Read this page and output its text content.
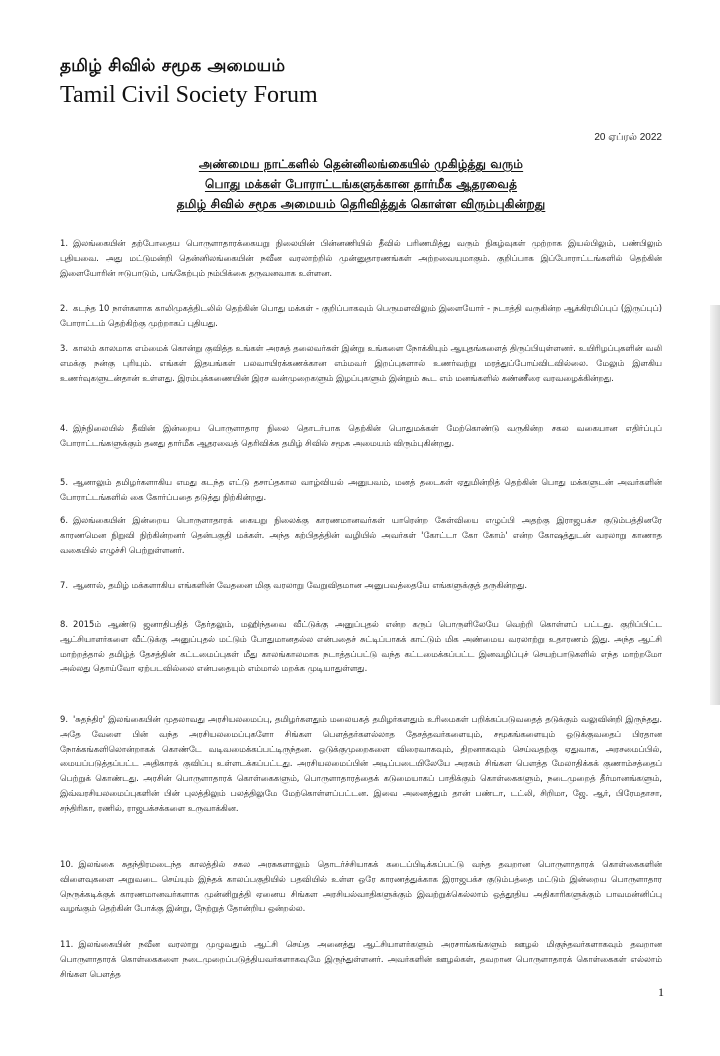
தமிழ் சிவில் சமூக அமையம்
Tamil Civil Society Forum
20 ஏப்ரல் 2022
அண்மைய நாட்களில் தென்னிலங்கையில் முகிழ்த்து வரும்
பொது மக்கள் போராட்டங்களுக்கான தார்மீக ஆதரவைத்
தமிழ் சிவில் சமூக அமையம் தெரிவித்துக் கொள்ள விரும்புகின்றது

1. இலங்கையின் தற்போதைய பொருளாதாரக்கையறு நிலையின் பின்னணியில் தீவில் பரிணமித்து வரும் நிகழ்வுகள் முற்றாக இயல்பிலும், பண்பிலும் புதியவை. அது மட்டுமன்றி தென்னிலங்கையின் நவீன வரலாற்றில் முன்னுதாரணங்கள் அற்றவையுமாகும். குறிப்பாக இப்போராட்டங்களில் தெற்கின் இளையோரின் ஈடுபாடும், பங்கேற்பும் நம்பிக்கை தருவனவாக உள்ளன.

2. கடந்த 10 நாள்களாக காலிமுகத்திடலில் தெற்கின் பொது மக்கள் - குறிப்பாகவும் பெருமளவிலும் இளையோர் - நடாத்தி வருகின்ற ஆக்கிரமிப்புப் (இருப்புப்) போராட்டம் தெற்கிற்கு முற்றாகப் புதியது.

3. காலம் காலமாக எம்மைக் கொன்று குவித்த உங்கள் அரசுத் தலைவர்கள் இன்று உங்களை நோக்கியும் ஆயுதங்களைத் திருப்பியுள்ளனர். உயிரிழப்புகளின் வலி எமக்கு நன்கு புரியும். எங்கள் இதயங்கள் பலவாயிரக்கணக்கான எம்மவர் இறப்புகளால் உணர்வற்று மரத்துப்போய்விடவில்லை. மேலும் இளகிய உணர்வுகளுடன்தான் உள்ளது. இரம்புக்கணையின் இரச வன்முறைகளும் இழப்புகளும் இன்றும் கூட எம் மனங்களில் கண்ணீரை வரவழைக்கின்றது.

4. இந்நிலையில் தீவின் இன்றைய பொருளாதார நிலை தொடர்பாக தெற்கின் பொதுமக்கள் மேற்கொண்டு வருகின்ற சகல வகையான எதிர்ப்புப் போராட்டங்களுக்கும் தனது தார்மீக ஆதரவைத் தெரிவிக்க தமிழ் சிவில் சமூக அமையம் விரும்புகின்றது.

5. ஆனாலும் தமிழர்களாகிய எமது கடந்த எட்டு தசாப்தகால வாழ்வியல் அனுபவம், மனத் தடைகள் ஏதுமின்றித் தெற்கின் பொது மக்களுடன் அவர்களின் போராட்டங்களில் கை கோர்ப்பதை தடுத்து நிற்கின்றது.

6. இலங்கையின் இன்றைய பொருளாதாரக் கையறு நிலைக்கு காரணமானவர்கள் யாரென்ற கேள்வியை எழுப்பி அதற்கு இராஜபக்ச குடும்பத்தினரே காரணமென நிறுவி நிற்கின்றனர் தென்பகுதி மக்கள். அந்த கற்பிதத்தின் வழியில் அவர்கள் 'கோட்டா கோ கோம்' என்ற கோஷத்துடன் வரலாறு காணாத வகையில் எழுச்சி பெற்றுள்ளனர்.

7. ஆனால், தமிழ் மக்களாகிய எங்களின் வேதனை மிகு வரலாறு வேறுவிதமான அனுபவத்தையே எங்களுக்குத் தருகின்றது.

8. 2015ம் ஆண்டு ஜனாதிபதித் தேர்தலும், மஹிந்தவை வீட்டுக்கு அனுப்புதல் என்ற கருப் பொருளிலேயே வெற்றி கொள்ளப் பட்டது. குறிப்பிட்ட ஆட்சியாளர்களை வீட்டுக்கு அனுப்புதல் மட்டும் போதுமானதல்ல என்பதைச் சுட்டிப்பாகக் காட்டும் மிக அண்மைய வரலாற்று உதாரணம் இது. அந்த ஆட்சி மாற்றத்தால் தமிழ்த் தேசத்தின் கட்டமைப்புகள் மீது காலங்காலமாக நடாத்தப்பட்டு வந்த கட்டமைக்கப்பட்ட இனவழிப்புச் செயற்பாடுகளில் எந்த மாற்றமோ அல்லது தொய்வோ ஏற்படவில்லை என்பதையும் எம்மால் மறக்க முடியாதுள்ளது.

9. 'சுதந்திர' இலங்கையின் முதலாவது அரசியலமைப்பு, தமிழர்களதும் மலையகத் தமிழர்களதும் உரிமைகள் பறிக்கப்படுவதைத் தடுக்கும் வலுவின்றி இருந்தது. அதே வேளை பின் வந்த அரசியலமைப்புகளோ சிங்கள பௌத்தர்களல்லாத தேசத்தவர்களையும், சமூகங்களையும் ஒடுக்குவதைப் பிரதான நோக்கங்களிலொன்றாகக் கொண்டே வடிவமைக்கப்பட்டிருந்தன. ஒடுக்குமுறைகளை விரைவாகவும், திறனாகவும் செய்வதற்கு ஏதுவாக, அரசமைப்பில், மையப்படுத்தப்பட்ட அதிகாரக் குவிப்பு உள்ளடக்கப்பட்டது. அரசியலமைப்பின் அடிப்படையிலேயே அரசும் சிங்கள பௌத்த மேலாதிக்கக் குணாம்சத்தைப் பெற்றுக் கொண்டது. அரசின் பொருளாதாரக் கொள்கைகளும், பொருளாதாரத்தைக் கடுமையாகப் பாதிக்கும் கொள்கைகளும், நடைமுறைத் தீர்மானங்களும், இவ்வரசியலமைப்புகளின் பின் புலத்திலும் பலத்திலுமே மேற்கொள்ளப்பட்டன. இவை அனைத்தும் தான் பண்டா, டட்லி, சிறிமா, ஜே. ஆர், பிரேமதாசா, சந்திரிகா, ரணில், ராஜபக்சக்களை உருவாக்கின.

10. இலங்கை சுதந்திரமடைந்த காலத்தில் சகல அரசுகளாலும் தொடர்ச்சியாகக் கடைப்பிடிக்கப்பட்டு வந்த தவறான பொருளாதாரக் கொள்கைகளின் விளைவுகளை அறுவடை செய்யும் இந்தக் காலப்பகுதியில் பதவியில் உள்ள ஒரே காரணத்துக்காக இராஜபக்ச குடும்பத்தை மட்டும் இன்றைய பொருளாதார நெருக்கடிக்குக் காரணமானவர்களாக முன்னிறுத்தி ஏனைய சிங்கள அரசியல்வாதிகளுக்கும் இவற்றுக்கெல்லாம் ஒத்தூதிய அதிகாரிகளுக்கும் பாவமன்னிப்பு வழங்கும் தெற்கின் போக்கு இன்று, நேற்றுத் தோன்றிய ஒன்றல்ல.

11. இலங்கையின் நவீன வரலாறு முழுவதும் ஆட்சி செய்த அனைத்து ஆட்சியாளர்களும் அரசாங்கங்களும் ஊழல் மிகுந்தவர்களாகவும் தவறான பொருளாதாரக் கொள்கைகளை நடைமுறைப்படுத்தியவர்களாகவுமே இருந்துள்ளனர். அவர்களின் ஊழல்கள், தவறான பொருளாதாரக் கொள்கைகள் எல்லாம் சிங்கள பௌத்த

1
